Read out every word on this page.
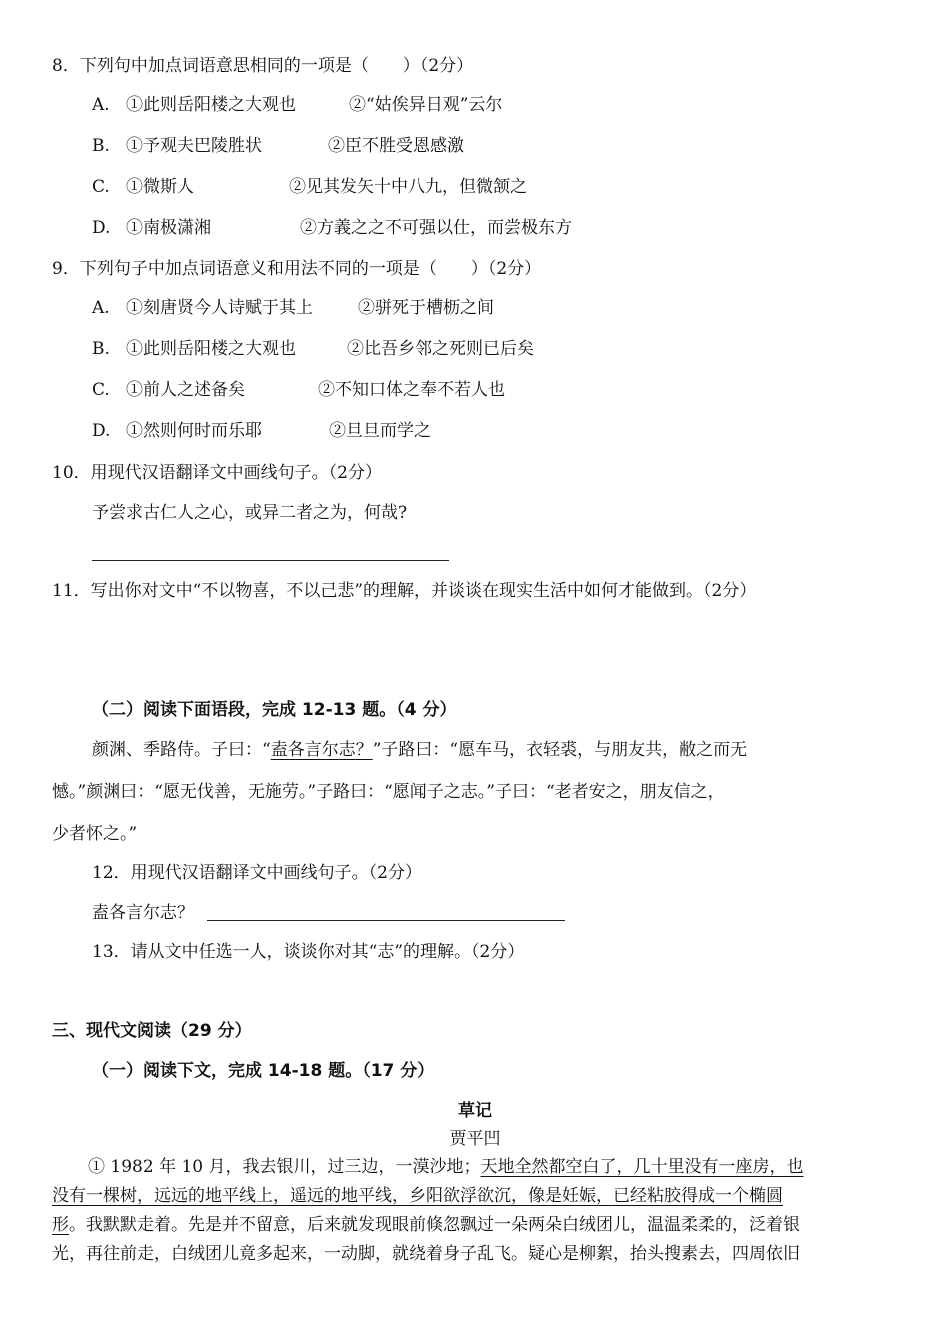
8．下列句中加点词语意思相同的一项是（　　）（2分）
A. ①此则岳阳楼之大观也	②“姑俟异日观”云尔
B. ①予观夫巴陵胜状	②臣不胜受恩感激
C. ①微斯人	②见其发矢十中八九，但微颔之
D. ①南极潇湘	②方義之之不可强以仕，而尝极东方
9．下列句子中加点词语意义和用法不同的一项是（　　）（2分）
A. ①刻唐贤今人诗赋于其上	②骈死于槽枥之间
B. ①此则岳阳楼之大观也	②比吾乡邻之死则已后矣
C. ①前人之述备矣	②不知口体之奉不若人也
D. ①然则何时而乐耶	②旦旦而学之
10．用现代汉语翻译文中画线句子。（2分）
予尝求古仁人之心，或异二者之为，何哉?
11．写出你对文中“不以物喜，不以己悲”的理解，并谈谈在现实生活中如何才能做到。（2分）
（二）阅读下面语段，完成 12-13 题。（4 分）
颜渊、季路侍。子曰：“盍各言尔志？”子路曰：“愿车马，衣轻裘，与朋友共，敝之而无
憾。”颜渊曰：“愿无伐善，无施劳。”子路曰：“愿闻子之志。”子曰：“老者安之，朋友信之，
少者怀之。”
12．用现代汉语翻译文中画线句子。（2分）
盍各言尔志？
13．请从文中任选一人，谈谈你对其“志”的理解。（2分）
三、现代文阅读（29 分）
（一）阅读下文，完成 14-18 题。（17 分）
草记
贾平凹
① 1982 年 10 月，我去银川，过三边，一漠沙地；天地全然都空白了，几十里没有一座房，也
没有一棵树，远远的地平线上，遥远的地平线，乡阳欲浮欲沉，像是妊娠，已经粘胶得成一个椭圆
形。我默默走着。先是并不留意，后来就发现眼前倏忽飘过一朵两朵白绒团儿，温温柔柔的，泛着银
光，再往前走，白绒团儿竟多起来，一动脚，就绕着身子乱飞。疑心是柳絮，抬头搜素去，四周依旧
